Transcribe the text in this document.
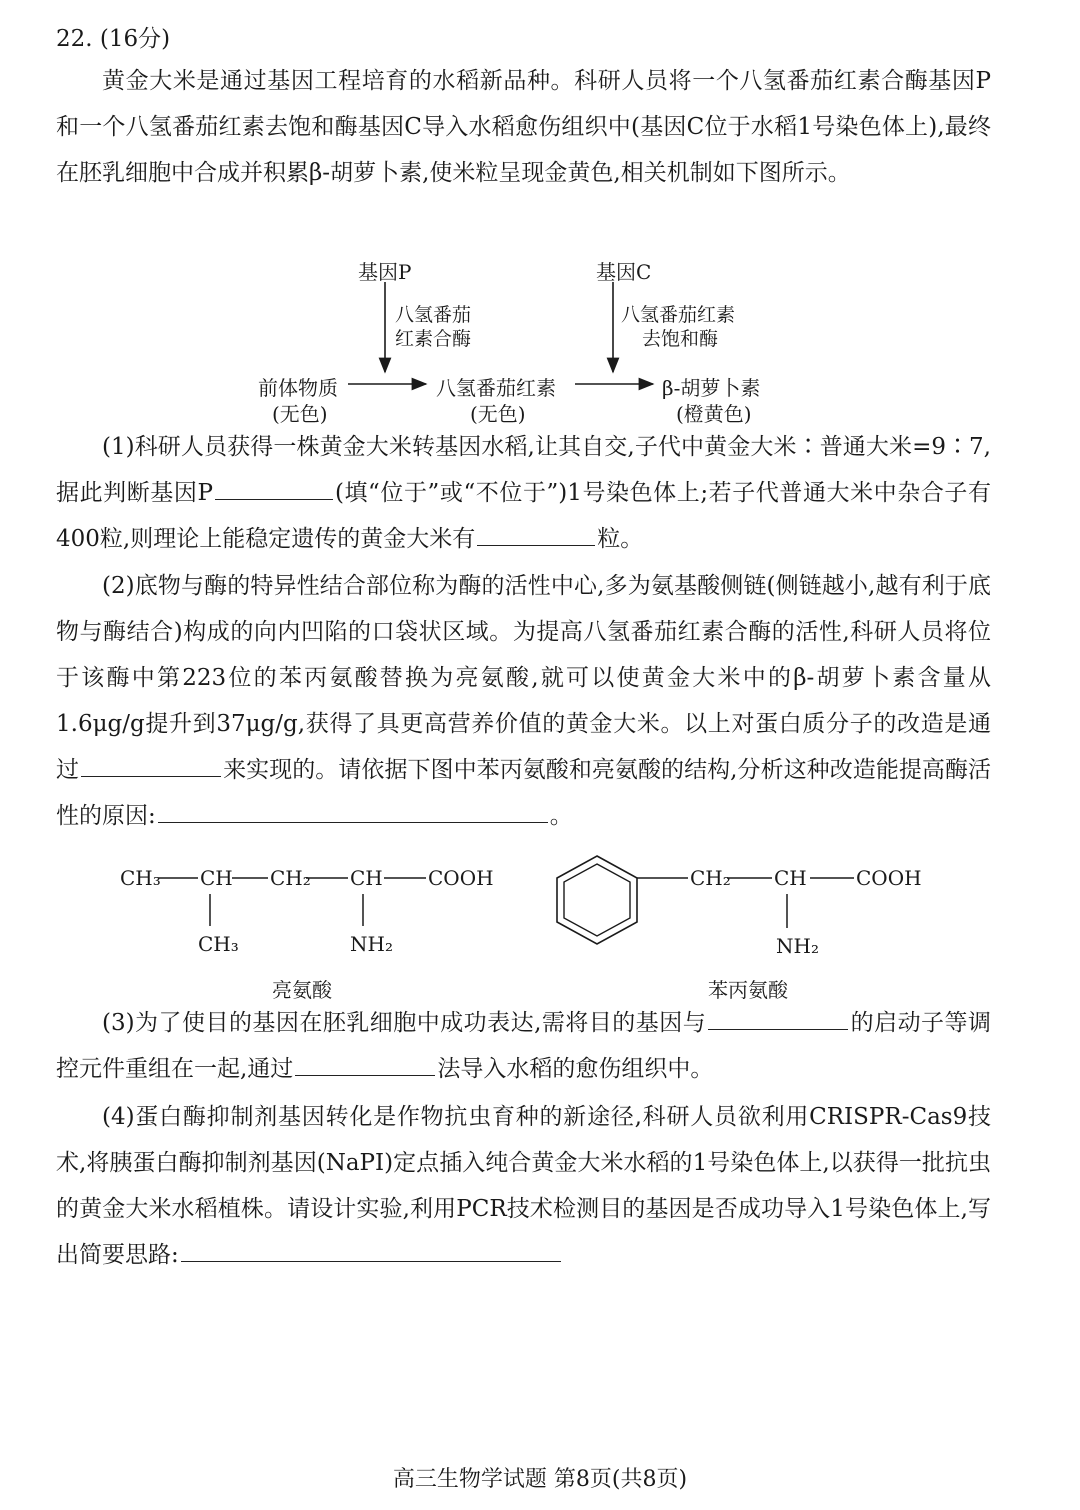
22. (16分)

黄金大米是通过基因工程培育的水稻新品种。科研人员将一个八氢番茄红素合酶基因P和一个八氢番茄红素去饱和酶基因C导入水稻愈伤组织中(基因C位于水稻1号染色体上),最终在胚乳细胞中合成并积累β-胡萝卜素,使米粒呈现金黄色,相关机制如下图所示。

基因P	基因C
八氢番茄
红素合酶
八氢番茄红素
去饱和酶
前体物质
(无色)
八氢番茄红素
(无色)
β-胡萝卜素
(橙黄色)

(1)科研人员获得一株黄金大米转基因水稻,让其自交,子代中黄金大米∶普通大米=9∶7,据此判断基因P	(填“位于”或“不位于”)1号染色体上;若子代普通大米中杂合子有400粒,则理论上能稳定遗传的黄金大米有	粒。

(2)底物与酶的特异性结合部位称为酶的活性中心,多为氨基酸侧链(侧链越小,越有利于底物与酶结合)构成的向内凹陷的口袋状区域。为提高八氢番茄红素合酶的活性,科研人员将位于该酶中第223位的苯丙氨酸替换为亮氨酸,就可以使黄金大米中的β-胡萝卜素含量从1.6μg/g提升到37μg/g,获得了具更高营养价值的黄金大米。以上对蛋白质分子的改造是通过	来实现的。请依据下图中苯丙氨酸和亮氨酸的结构,分析这种改造能提高酶活性的原因:	。

CH₃ CH CH₂ CH COOH
CH₃	NH₂
亮氨酸
CH₂ CH COOH
NH₂
苯丙氨酸

(3)为了使目的基因在胚乳细胞中成功表达,需将目的基因与	的启动子等调控元件重组在一起,通过	法导入水稻的愈伤组织中。

(4)蛋白酶抑制剂基因转化是作物抗虫育种的新途径,科研人员欲利用CRISPR-Cas9技术,将胰蛋白酶抑制剂基因(NaPI)定点插入纯合黄金大米水稻的1号染色体上,以获得一批抗虫的黄金大米水稻植株。请设计实验,利用PCR技术检测目的基因是否成功导入1号染色体上,写出简要思路:

高三生物学试题 第8页(共8页)
